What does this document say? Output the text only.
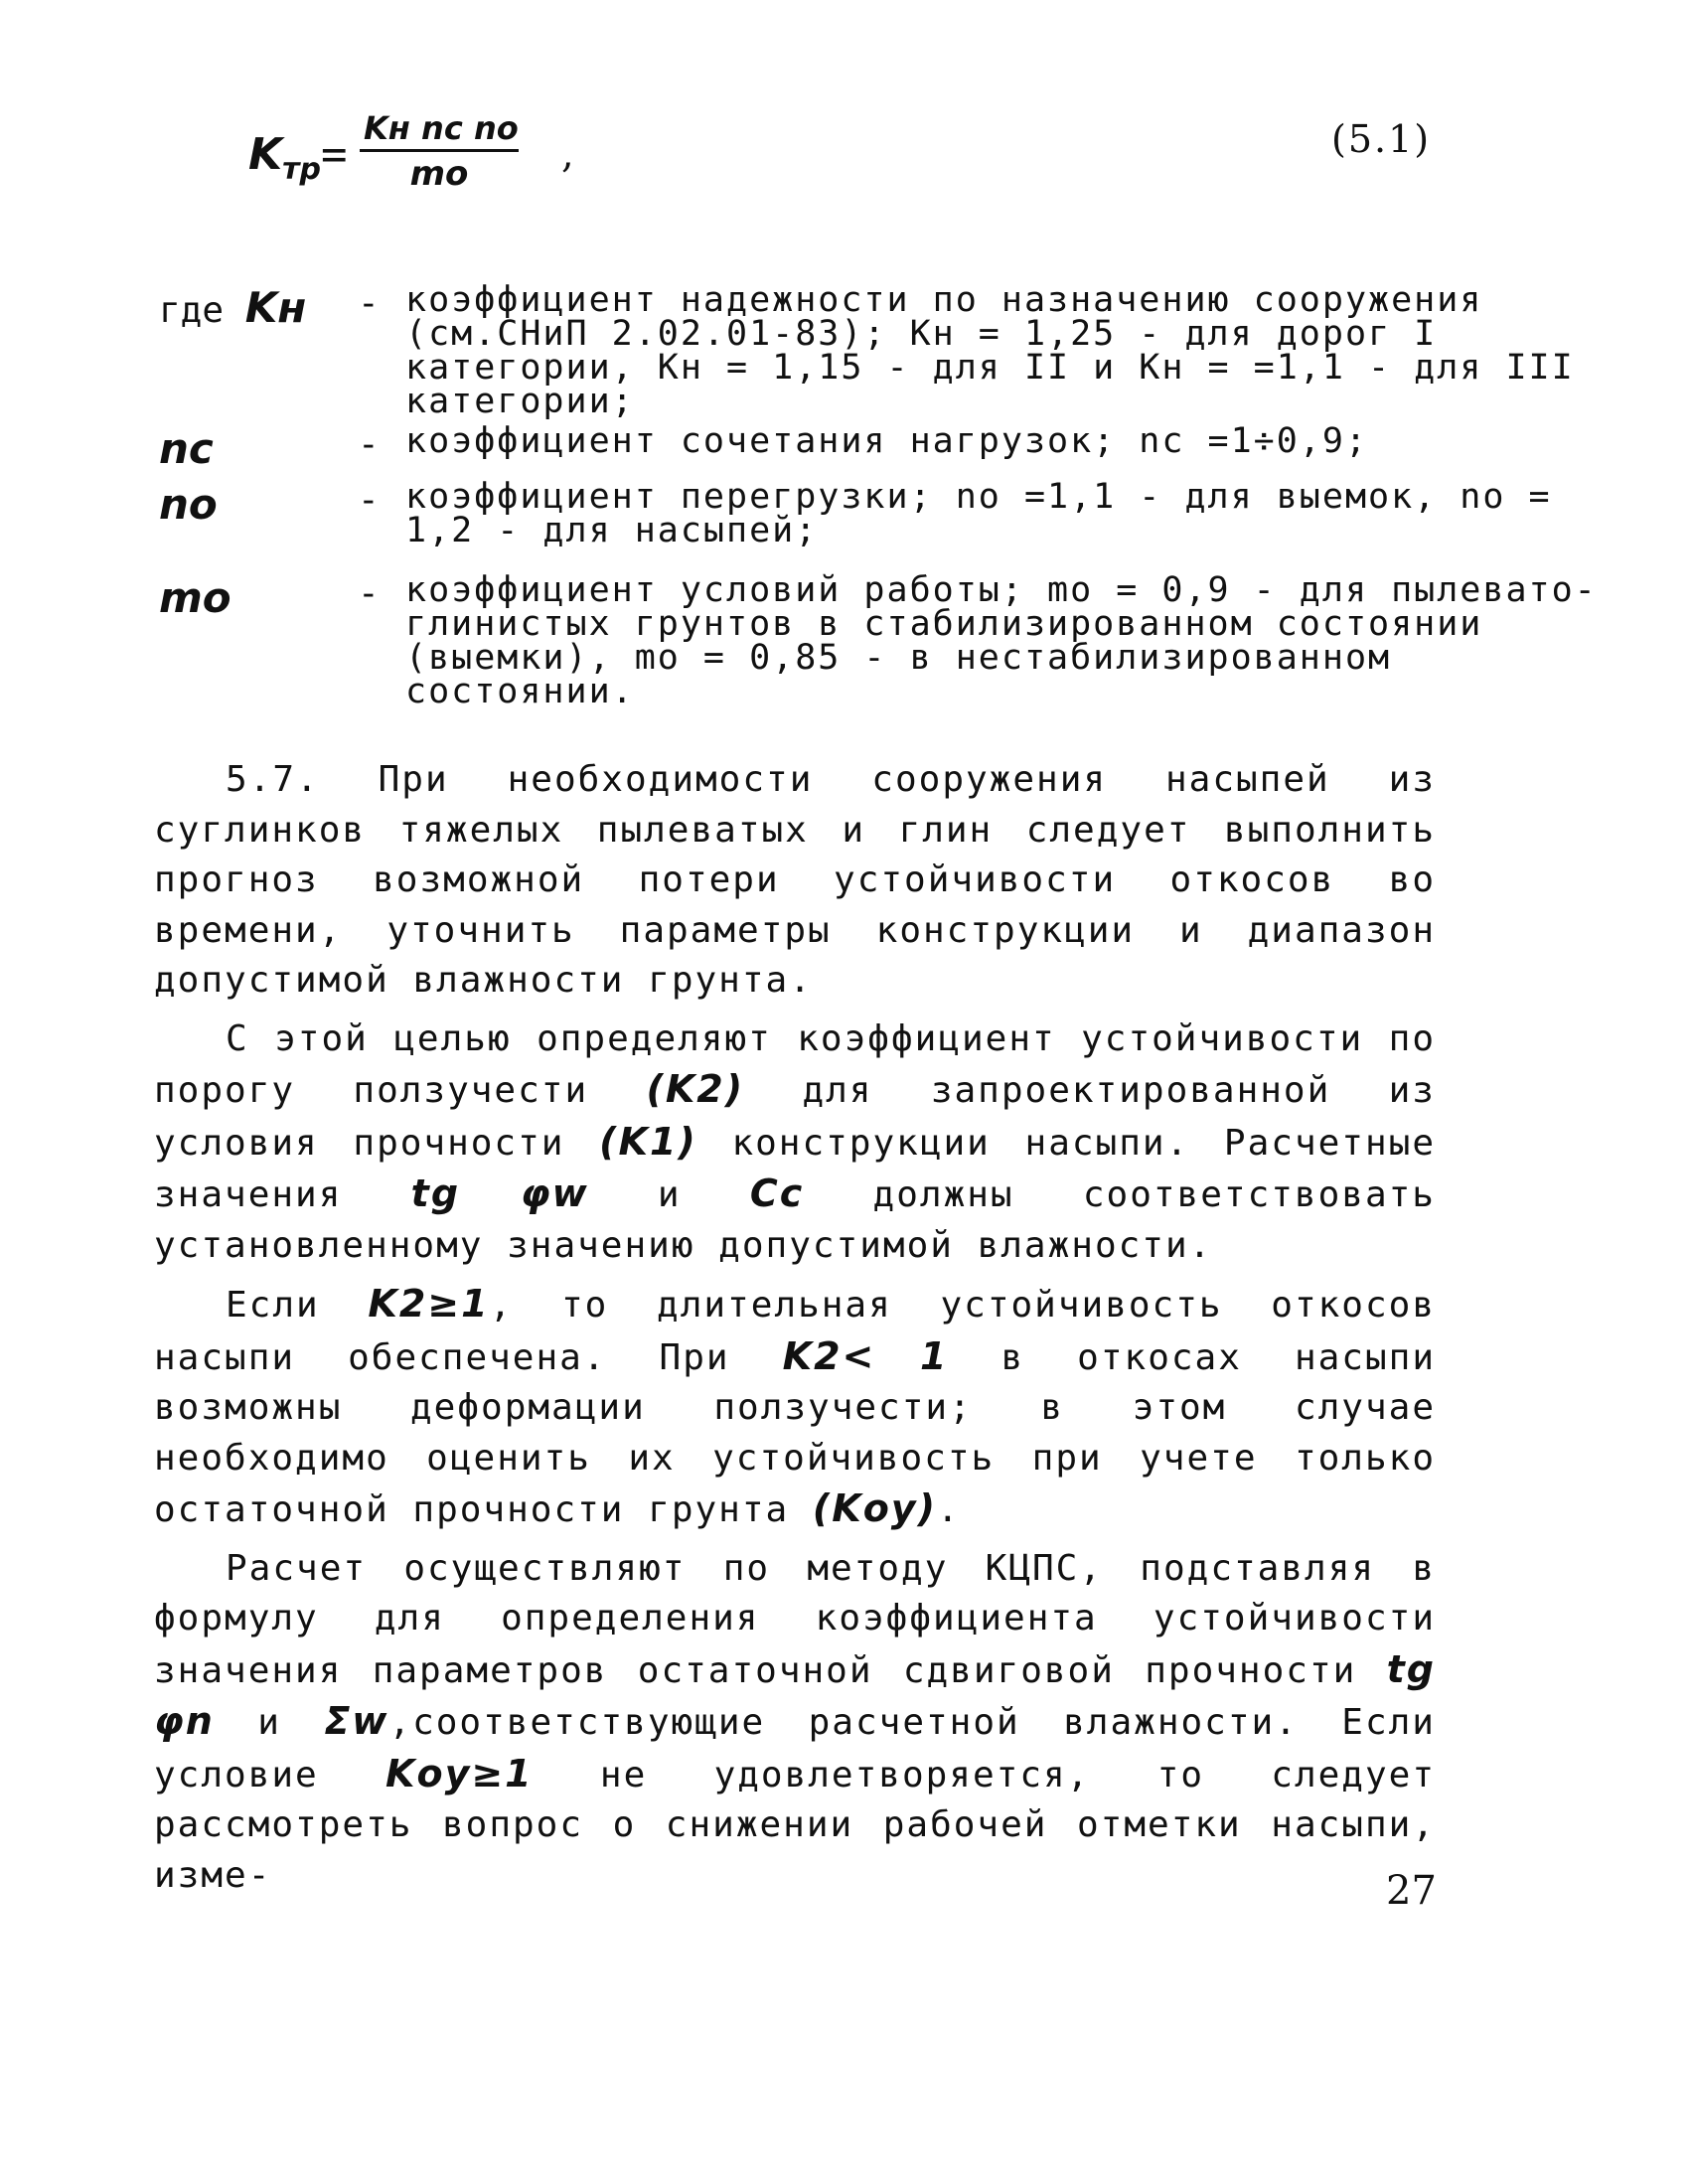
$K_{тр}=$
Kн nc no
mo	,	(5.1)
где Kн - коэффициент надежности по назначению сооружения (см.СНиП 2.02.01-83); Kн = 1,25 - для дорог I категории, Kн = 1,15 - для II и Kн = =1,1 - для III категории;
nc	- коэффициент сочетания нагрузок; nc =1÷0,9;
no	- коэффициент перегрузки; no =1,1 - для выемок, no = 1,2 - для насыпей;
mo	- коэффициент условий работы; mo = 0,9 - для пылевато-глинистых грунтов в стабилизированном состоянии (выемки), mo = 0,85 - в нестабилизированном состоянии.

5.7. При необходимости сооружения насыпей из суглинков тяжелых пылеватых и глин следует выполнить прогноз возможной потери устойчивости откосов во времени, уточнить параметры конструкции и диапазон допустимой влажности грунта.

С этой целью определяют коэффициент устойчивости по порогу ползучести (K2) для запроектированной из условия прочности (K1) конструкции насыпи. Расчетные значения tg φw и Cc должны соответствовать установленному значению допустимой влажности.

Если K2≥1, то длительная устойчивость откосов насыпи обеспечена. При K2< 1 в откосах насыпи возможны деформации ползучести; в этом случае необходимо оценить их устойчивость при учете только остаточной прочности грунта (Kоу).

Расчет осуществляют по методу КЦПС, подставляя в формулу для определения коэффициента устойчивости значения параметров остаточной сдвиговой прочности tg φn и Σw,соответствующие расчетной влажности. Если условие Kоу≥1 не удовлетворяется, то следует рассмотреть вопрос о снижении рабочей отметки насыпи, изме-	27
